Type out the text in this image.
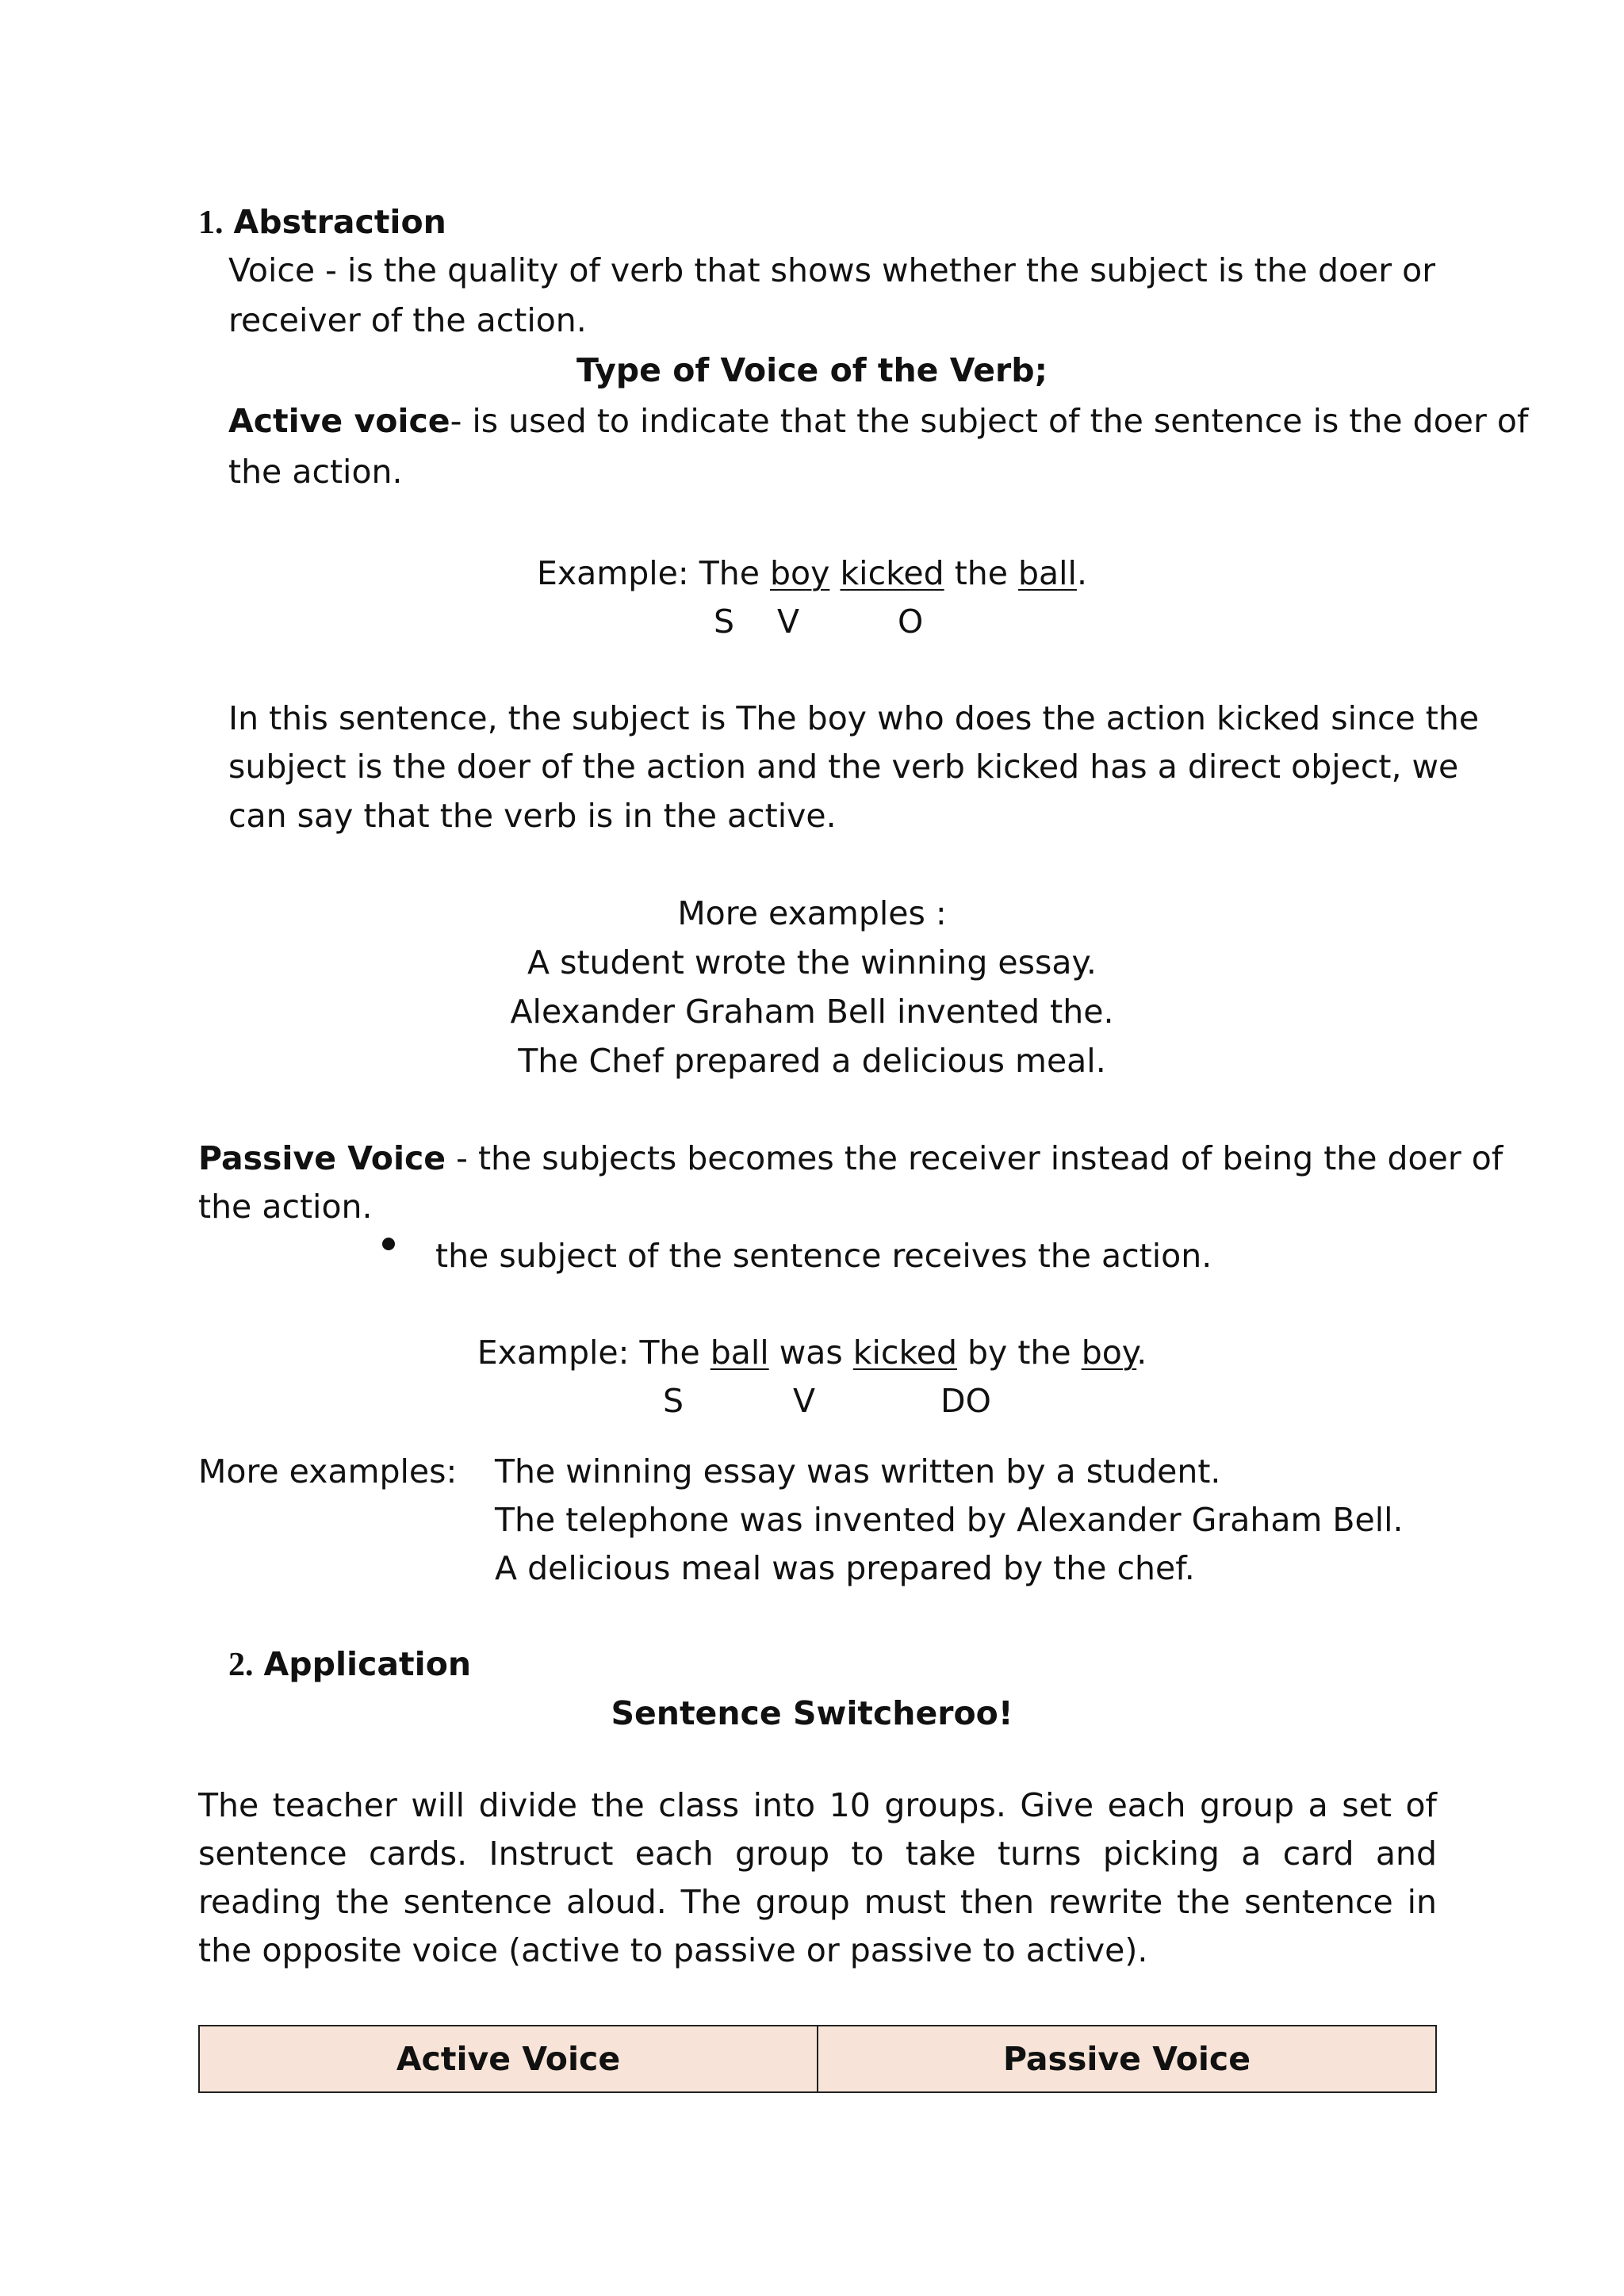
1. Abstraction
Voice - is the quality of verb that shows whether the subject is the doer or
receiver of the action.
Type of Voice of the Verb;
Active voice- is used to indicate that the subject of the sentence is the doer of
the action.
Example: The boy kicked the ball.
S V	O
In this sentence, the subject is The boy who does the action kicked since the
subject is the doer of the action and the verb kicked has a direct object, we
can say that the verb is in the active.
More examples :
A student wrote the winning essay.
Alexander Graham Bell invented the.
The Chef prepared a delicious meal.
Passive Voice - the subjects becomes the receiver instead of being the doer of
the action.
the subject of the sentence receives the action.
Example: The ball was kicked by the boy.
S	V	DO
More examples: The winning essay was written by a student.
The telephone was invented by Alexander Graham Bell.
A delicious meal was prepared by the chef.
2. Application
Sentence Switcheroo!
The teacher will divide the class into 10 groups. Give each group a set of sentence cards. Instruct each group to take turns picking a card and reading the sentence aloud. The group must then rewrite the sentence in the opposite voice (active to passive or passive to active).
Active Voice	Passive Voice
